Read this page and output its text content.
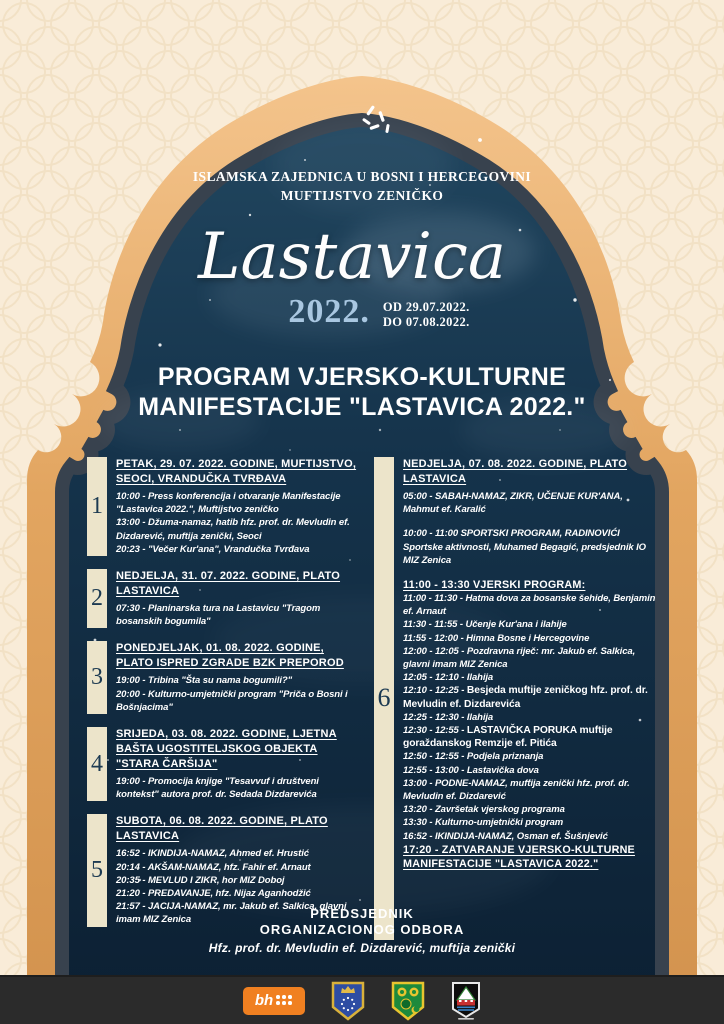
ISLAMSKA ZAJEDNICA U BOSNI I HERCEGOVINI
MUFTIJSTVO ZENIČKO
Lastavica
2022. OD 29.07.2022.
DO 07.08.2022.
PROGRAM VJERSKO-KULTURNE
MANIFESTACIJE "LASTAVICA 2022."
1
PETAK, 29. 07. 2022. GODINE, MUFTIJSTVO, SEOCI, VRANDUČKA TVRĐAVA
10:00 - Press konferencija i otvaranje Manifestacije "Lastavica 2022.", Muftijstvo zeničko
13:00 - Džuma-namaz, hatib hfz. prof. dr. Mevludin ef. Dizdarević, muftija zenički, Seoci
20:23 - "Večer Kur'ana", Vrandučka Tvrđava
2
NEDJELJA, 31. 07. 2022. GODINE, PLATO LASTAVICA
07:30 - Planinarska tura na Lastavicu "Tragom bosanskih bogumila"
3
PONEDJELJAK, 01. 08. 2022. GODINE, PLATO ISPRED ZGRADE BZK PREPOROD
19:00 - Tribina "Šta su nama bogumili?"
20:00 - Kulturno-umjetnički program "Priča o Bosni i Bošnjacima"
4
SRIJEDA, 03. 08. 2022. GODINE, LJETNA BAŠTA UGOSTITELJSKOG OBJEKTA "STARA ČARŠIJA"
19:00 - Promocija knjige "Tesavvuf i društveni kontekst" autora prof. dr. Sedada Dizdarevića
5
SUBOTA, 06. 08. 2022. GODINE, PLATO LASTAVICA
16:52 - IKINDIJA-NAMAZ, Ahmed ef. Hrustić
20:14 - AKŠAM-NAMAZ, hfz. Fahir ef. Arnaut
20:35 - MEVLUD I ZIKR, hor MIZ Doboj
21:20 - PREDAVANJE, hfz. Nijaz Aganhodžić
21:57 - JACIJA-NAMAZ, mr. Jakub ef. Salkica, glavni imam MIZ Zenica
6
NEDJELJA, 07. 08. 2022. GODINE, PLATO LASTAVICA
05:00 - SABAH-NAMAZ, ZIKR, UČENJE KUR'ANA, Mahmut ef. Karalić
10:00 - 11:00 SPORTSKI PROGRAM, RADINOVIĆI
Sportske aktivnosti, Muhamed Begagić, predsjednik IO MIZ Zenica
11:00 - 13:30 VJERSKI PROGRAM:
11:00 - 11:30 - Hatma dova za bosanske šehide, Benjamin ef. Arnaut
11:30 - 11:55 - Učenje Kur'ana i ilahije
11:55 - 12:00 - Himna Bosne i Hercegovine
12:00 - 12:05 - Pozdravna riječ: mr. Jakub ef. Salkica, glavni imam MIZ Zenica
12:05 - 12:10 - Ilahija
12:10 - 12:25 - Besjeda muftije zeničkog hfz. prof. dr. Mevludin ef. Dizdarevića
12:25 - 12:30 - Ilahija
12:30 - 12:55 - LASTAVIČKA PORUKA muftije goraždanskog Remzije ef. Pitića
12:50 - 12:55 - Podjela priznanja
12:55 - 13:00 - Lastavička dova
13:00 - PODNE-NAMAZ, muftija zenički hfz. prof. dr. Mevludin ef. Dizdarević
13:20 - Završetak vjerskog programa
13:30 - Kulturno-umjetnički program
16:52 - IKINDIJA-NAMAZ, Osman ef. Šušnjević
17:20 - ZATVARANJE VJERSKO-KULTURNE MANIFESTACIJE "LASTAVICA 2022."
PREDSJEDNIK
ORGANIZACIONOG ODBORA
Hfz. prof. dr. Mevludin ef. Dizdarević, muftija zenički
bh
